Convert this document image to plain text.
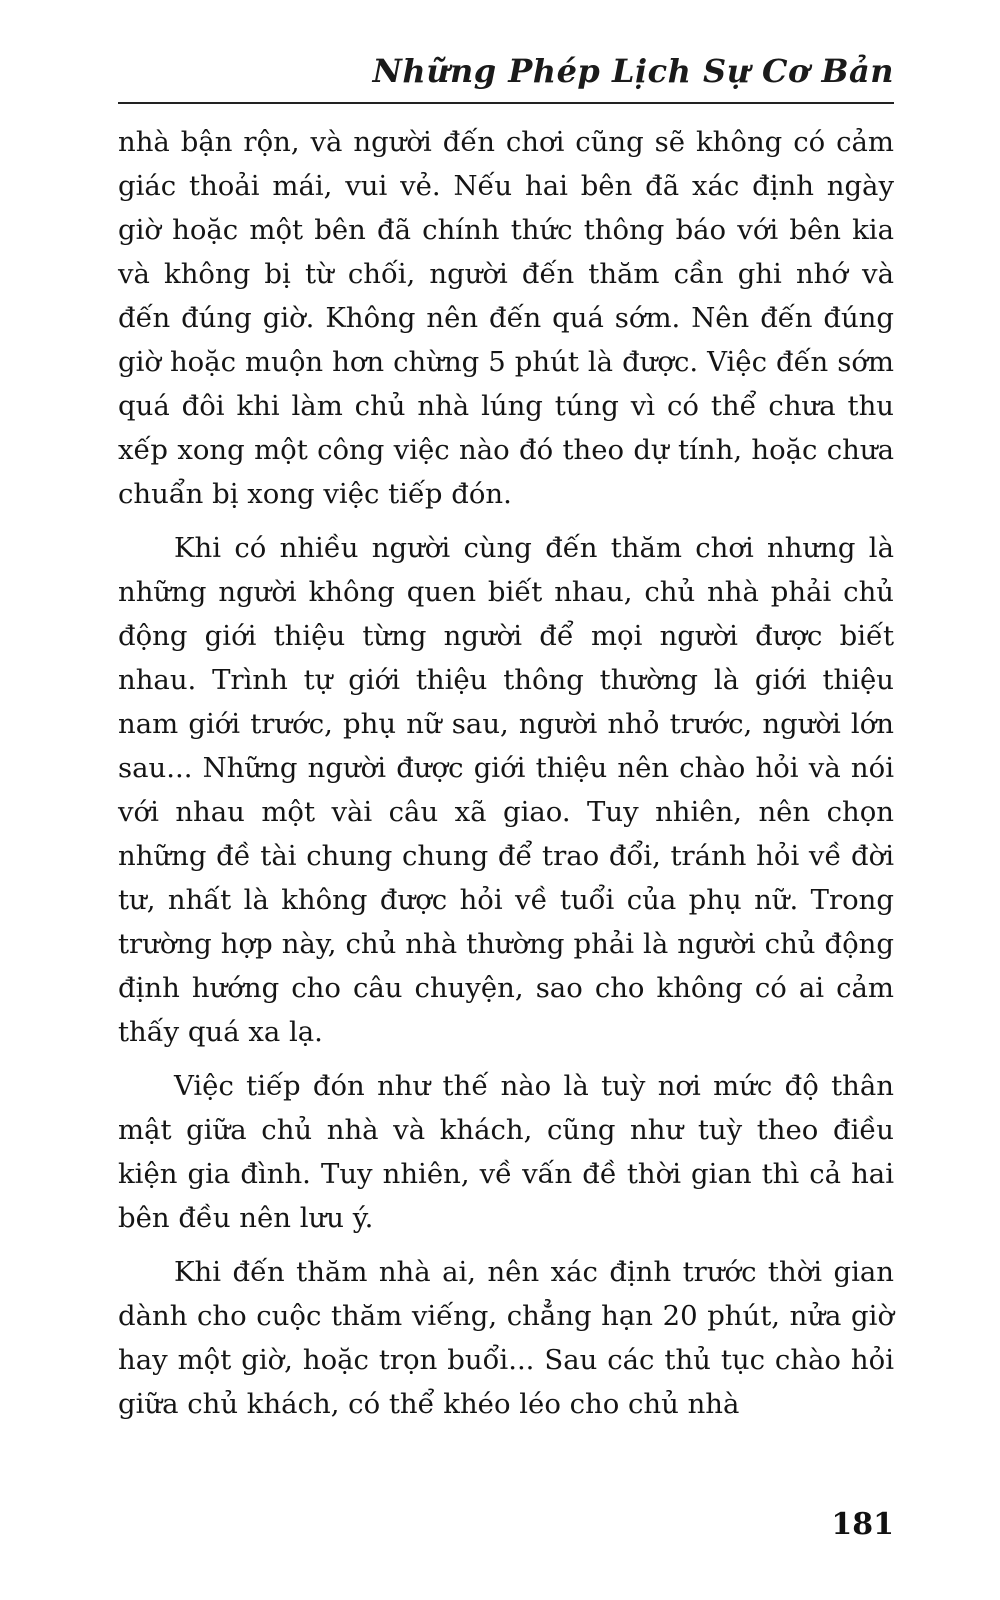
Những Phép Lịch Sự Cơ Bản

nhà bận rộn, và người đến chơi cũng sẽ không có cảm giác thoải mái, vui vẻ. Nếu hai bên đã xác định ngày giờ hoặc một bên đã chính thức thông báo với bên kia và không bị từ chối, người đến thăm cần ghi nhớ và đến đúng giờ. Không nên đến quá sớm. Nên đến đúng giờ hoặc muộn hơn chừng 5 phút là được. Việc đến sớm quá đôi khi làm chủ nhà lúng túng vì có thể chưa thu xếp xong một công việc nào đó theo dự tính, hoặc chưa chuẩn bị xong việc tiếp đón.

Khi có nhiều người cùng đến thăm chơi nhưng là những người không quen biết nhau, chủ nhà phải chủ động giới thiệu từng người để mọi người được biết nhau. Trình tự giới thiệu thông thường là giới thiệu nam giới trước, phụ nữ sau, người nhỏ trước, người lớn sau... Những người được giới thiệu nên chào hỏi và nói với nhau một vài câu xã giao. Tuy nhiên, nên chọn những đề tài chung chung để trao đổi, tránh hỏi về đời tư, nhất là không được hỏi về tuổi của phụ nữ. Trong trường hợp này, chủ nhà thường phải là người chủ động định hướng cho câu chuyện, sao cho không có ai cảm thấy quá xa lạ.

Việc tiếp đón như thế nào là tuỳ nơi mức độ thân mật giữa chủ nhà và khách, cũng như tuỳ theo điều kiện gia đình. Tuy nhiên, về vấn đề thời gian thì cả hai bên đều nên lưu ý.

Khi đến thăm nhà ai, nên xác định trước thời gian dành cho cuộc thăm viếng, chẳng hạn 20 phút, nửa giờ hay một giờ, hoặc trọn buổi... Sau các thủ tục chào hỏi giữa chủ khách, có thể khéo léo cho chủ nhà

181
